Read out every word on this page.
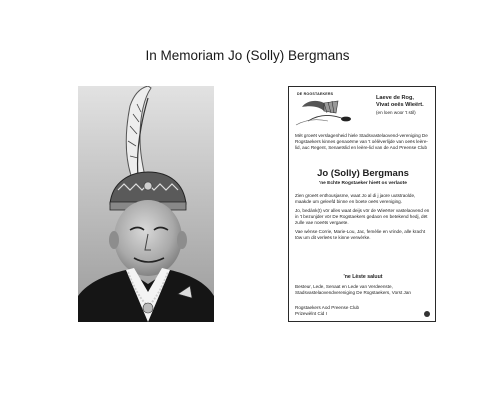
In Memoriam Jo (Solly) Bergmans
DE ROGSTAEKERS
Laeve de Rog,
Vivat oeës Wieërt.
(en loen woor 't stil)
Mèt groeët verslagenheid hiele Stadsvastelaovend-vereniging De Rogstaekers kinnes genaoëme van 't oèlèverlijde van oeës leère-lid, auc Regent, Senaetslid en leère-lid van de Aod Preense Club
Jo (Solly) Bergmans
'ne Echte Rogstaeker hieët os verlaote

Zien groeët enthousjasme, waat Jo al di j jaore uutstraolde, maakde um geleefd binne en boete oeës vereniging.

Jo, bedànk(t) vör alles waat deijs vör de Wieërter vastelaovend en in 't bezunjder vör De Rogstaekers gedaon en betekend hedj, dët zulle vae noeëts vergaete.

Vae wènse Corrie, Marie-Lou, Jac, femèlie en vrinde, alle kracht töw um dit verleës te kinne verwèrke.

'ne Lèste saluut
Besteur, Lede, Senaat en Lede van Verdeenste, Stadsvastelaovendvereniging De Rogstaekers, Vorst Jan
Rogstaekers Aod Preense Club
Prizewèlnt Cid I
